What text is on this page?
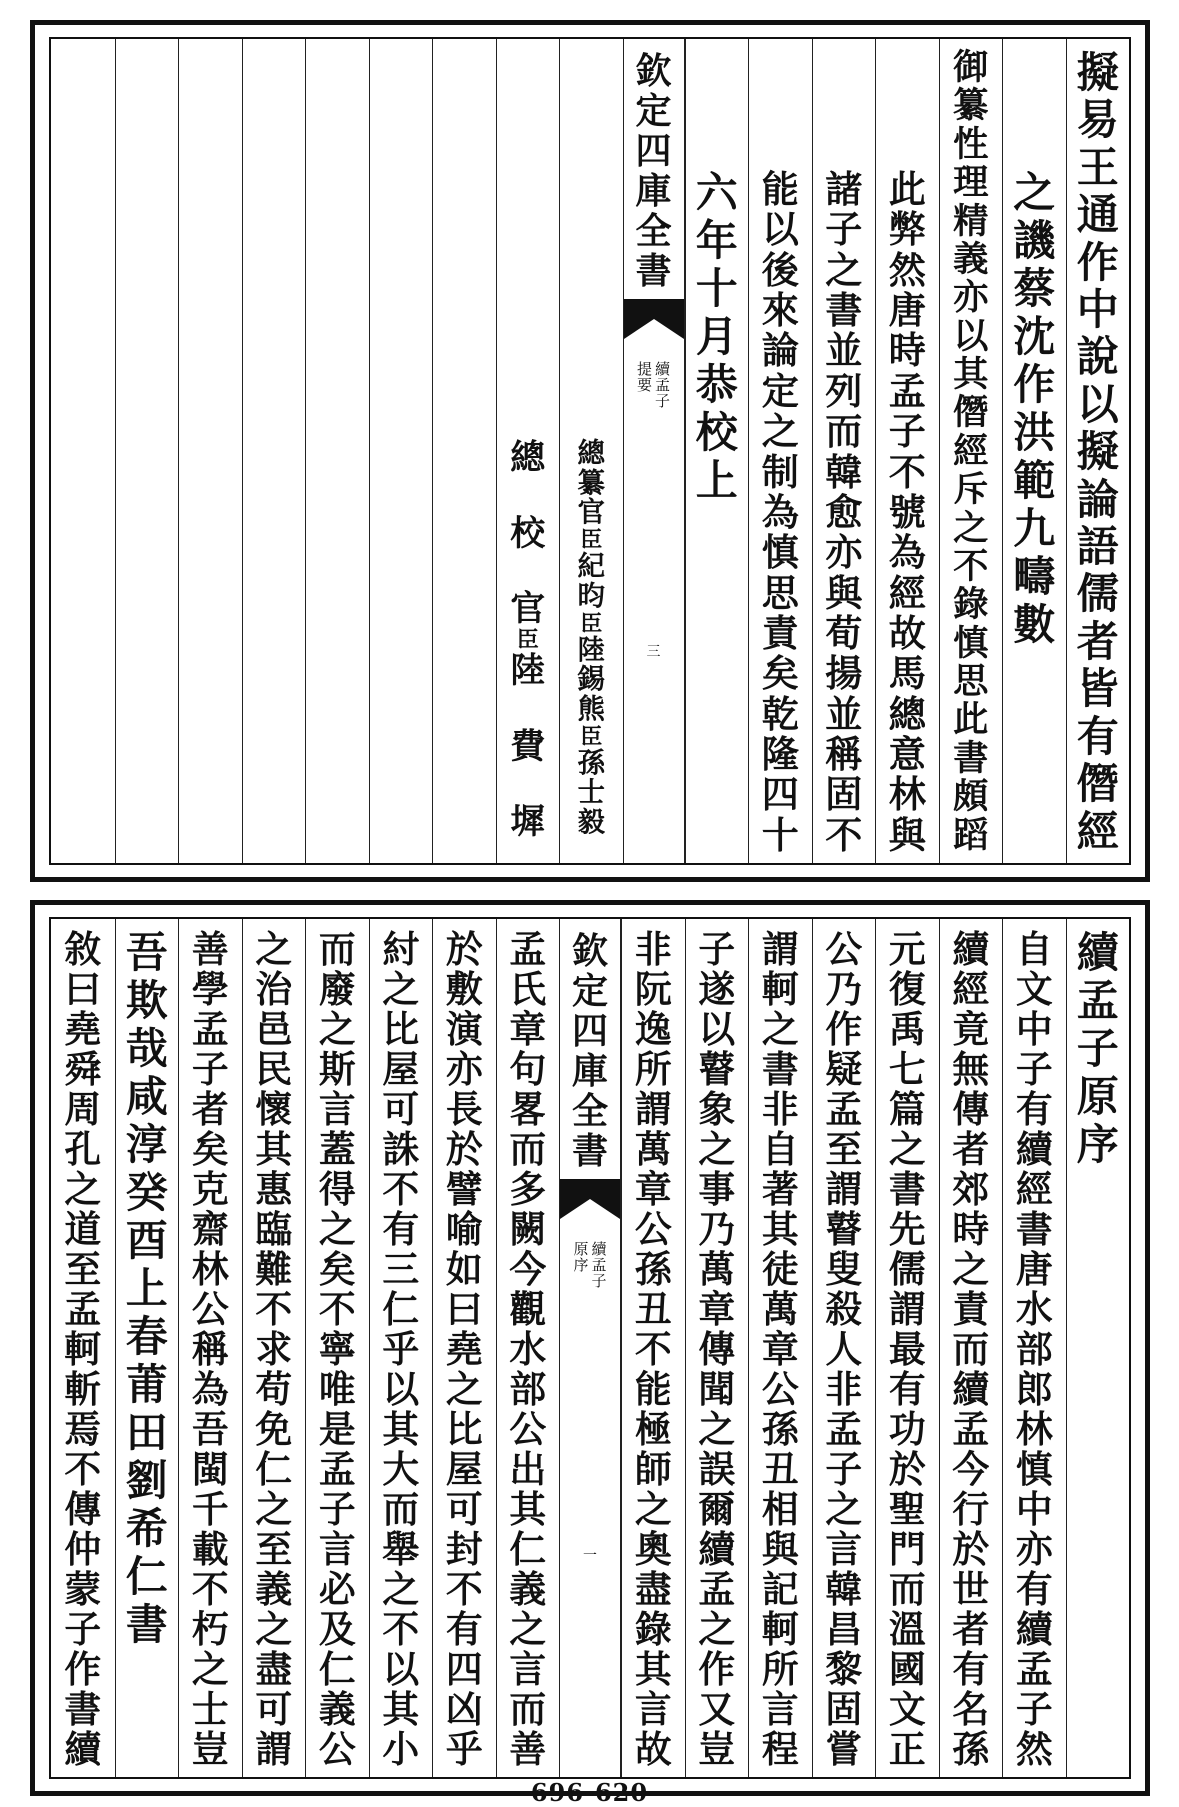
擬
易
王
通
作
中
說
以
擬
論
語
儒
者
皆
有
僭
經
之
譏
蔡
沈
作
洪
範
九
疇
數
御
纂
性
理
精
義
亦
以
其
僭
經
斥
之
不
錄
慎
思
此
書
頗
蹈
此
弊
然
唐
時
孟
子
不
號
為
經
故
馬
總
意
林
與
諸
子
之
書
並
列
而
韓
愈
亦
與
荀
揚
並
稱
固
不
能
以
後
來
論
定
之
制
為
慎
思
責
矣
乾
隆
四
十
六
年
十
月
恭
校
上
欽
定
四
庫
全
書
續
孟
子
提
要
三
總
纂
官
臣
紀
昀
臣
陸
錫
熊
臣
孫
士
毅
總

校

官
臣
陸

費

墀
續
孟
子
原
序
自
文
中
子
有
續
經
書
唐
水
部
郎
林
慎
中
亦
有
續
孟
子
然
續
經
竟
無
傳
者
郊
時
之
責
而
續
孟
今
行
於
世
者
有
名
孫
元
復
禹
七
篇
之
書
先
儒
謂
最
有
功
於
聖
門
而
溫
國
文
正
公
乃
作
疑
孟
至
謂
瞽
叟
殺
人
非
孟
子
之
言
韓
昌
黎
固
嘗
謂
軻
之
書
非
自
著
其
徒
萬
章
公
孫
丑
相
與
記
軻
所
言
程
子
遂
以
瞽
象
之
事
乃
萬
章
傳
聞
之
誤
爾
續
孟
之
作
又
豈
非
阮
逸
所
謂
萬
章
公
孫
丑
不
能
極
師
之
奧
盡
錄
其
言
故
欽
定
四
庫
全
書
續
孟
子
原
序
一
孟
氏
章
句
畧
而
多
闕
今
觀
水
部
公
出
其
仁
義
之
言
而
善
於
敷
演
亦
長
於
譬
喻
如
曰
堯
之
比
屋
可
封
不
有
四
凶
乎
紂
之
比
屋
可
誅
不
有
三
仁
乎
以
其
大
而
舉
之
不
以
其
小
而
廢
之
斯
言
蓋
得
之
矣
不
寧
唯
是
孟
子
言
必
及
仁
義
公
之
治
邑
民
懷
其
惠
臨
難
不
求
苟
免
仁
之
至
義
之
盡
可
謂
善
學
孟
子
者
矣
克
齋
林
公
稱
為
吾
閩
千
載
不
朽
之
士
豈
吾
欺
哉
咸
淳
癸
酉
上
春
莆
田
劉
希
仁
書
敘
曰
堯
舜
周
孔
之
道
至
孟
軻
斬
焉
不
傳
仲
蒙
子
作
書
續
696-620
